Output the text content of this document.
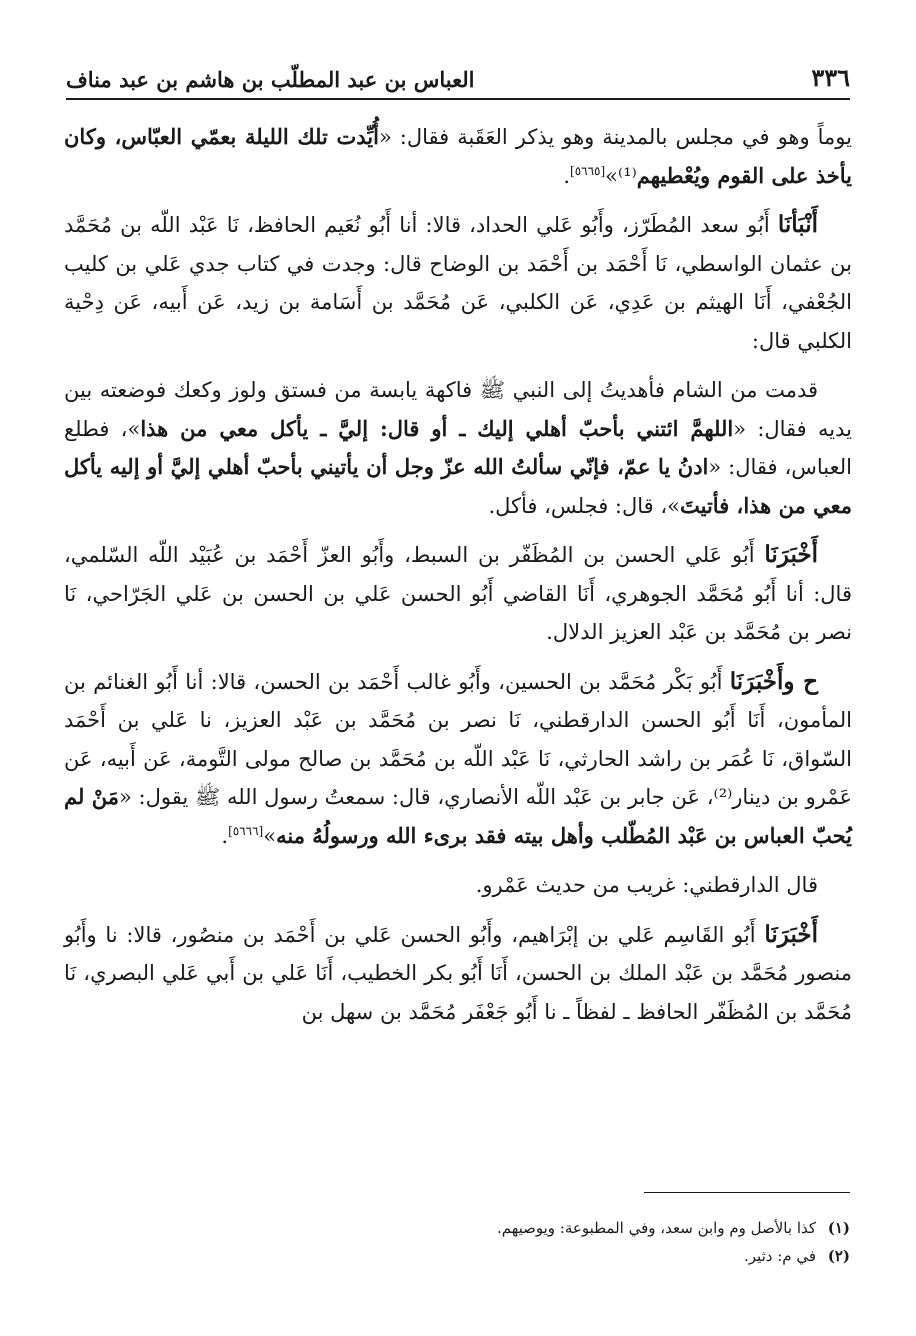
٣٣٦
العباس بن عبد المطلّب بن هاشم بن عبد مناف

يوماً وهو في مجلس بالمدينة وهو يذكر العَقَبة فقال: «أُيِّدت تلك الليلة بعمّي العبّاس، وكان يأخذ على القوم ويُعْطيهم⁽¹⁾»[٥٦٦٥].

أَنْبَأنَا أَبُو سعد المُطَرّز، وأَبُو عَلي الحداد، قالا: أنا أَبُو نُعَيم الحافظ، نَا عَبْد اللّه بن مُحَمَّد بن عثمان الواسطي، نَا أَحْمَد بن أَحْمَد بن الوضاح قال: وجدت في كتاب جدي عَلي بن كليب الجُعْفي، أَنَا الهيثم بن عَدِي، عَن الكلبي، عَن مُحَمَّد بن أَسَامة بن زيد، عَن أَبيه، عَن دِحْية الكلبي قال:

قدمت من الشام فأهديتُ إلى النبي ﷺ فاكهة يابسة من فستق ولوز وكعك فوضعته بين يديه فقال: «اللهمَّ ائتني بأحبّ أهلي إليك ـ أو قال: إليَّ ـ يأكل معي من هذا»، فطلع العباس، فقال: «ادنُ يا عمّ، فإنّي سألتُ الله عزّ وجل أن يأتيني بأحبّ أهلي إليَّ أو إليه يأكل معي من هذا، فأتيتَ»، قال: فجلس، فأكل.

أَخْبَرَنَا أَبُو عَلي الحسن بن المُظَفّر بن السبط، وأَبُو العزّ أَحْمَد بن عُبَيْد اللّه السّلمي، قال: أنا أَبُو مُحَمَّد الجوهري، أَنَا القاضي أَبُو الحسن عَلي بن الحسن بن عَلي الجَرّاحي، نَا نصر بن مُحَمَّد بن عَبْد العزيز الدلال.

ح وأَخْبَرَنَا أَبُو بَكْر مُحَمَّد بن الحسين، وأَبُو غالب أَحْمَد بن الحسن، قالا: أنا أَبُو الغنائم بن المأمون، أَنَا أَبُو الحسن الدارقطني، نَا نصر بن مُحَمَّد بن عَبْد العزيز، نا عَلي بن أَحْمَد السّواق، نَا عُمَر بن راشد الحارثي، نَا عَبْد اللّه بن مُحَمَّد بن صالح مولى التَّومة، عَن أَبيه، عَن عَمْرو بن دينار⁽²⁾، عَن جابر بن عَبْد اللّه الأنصاري، قال: سمعتُ رسول الله ﷺ يقول: «مَنْ لم يُحبّ العباس بن عَبْد المُطّلب وأهل بيته فقد برىء الله ورسولُهُ منه»[٥٦٦٦].

قال الدارقطني: غريب من حديث عَمْرو.

أَخْبَرَنَا أَبُو القَاسِم عَلي بن إبْرَاهيم، وأَبُو الحسن عَلي بن أَحْمَد بن منصُور، قالا: نا وأَبُو منصور مُحَمَّد بن عَبْد الملك بن الحسن، أَنَا أَبُو بكر الخطيب، أَنَا عَلي بن أَبي عَلي البصري، نَا مُحَمَّد بن المُظَفّر الحافظ ـ لفظاً ـ نا أَبُو جَعْفَر مُحَمَّد بن سهل بن

(١)
كذا بالأصل وم وابن سعد، وفي المطبوعة: ويوصيهم.
(٢)
في م: دثير.
